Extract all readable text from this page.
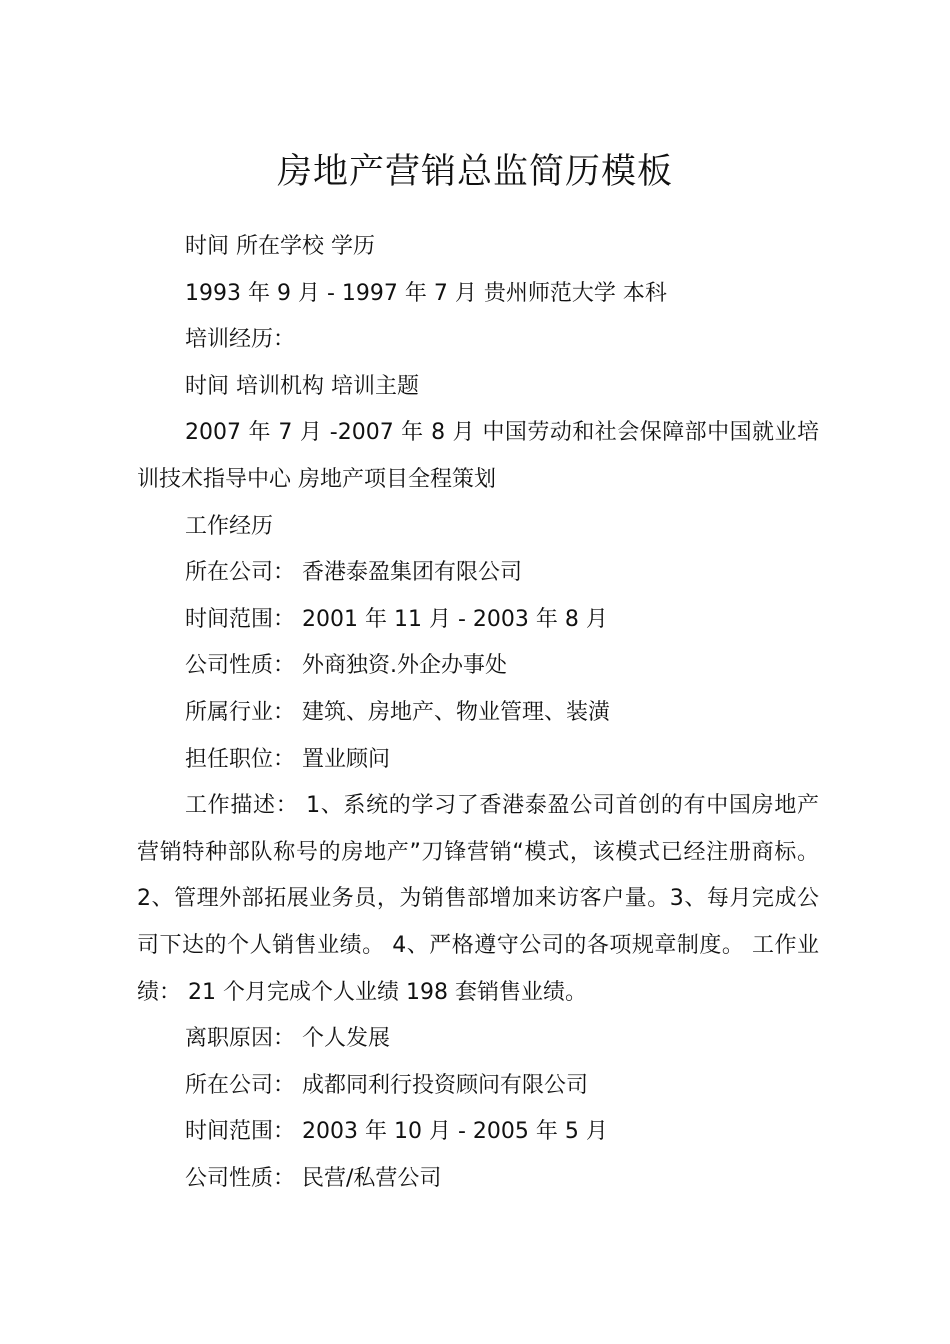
房地产营销总监简历模板

时间 所在学校 学历

1993 年 9 月 - 1997 年 7 月 贵州师范大学 本科

培训经历：

时间 培训机构 培训主题

2007 年 7 月 -2007 年 8 月 中国劳动和社会保障部中国就业培训技术指导中心 房地产项目全程策划

工作经历

所在公司： 香港泰盈集团有限公司

时间范围： 2001 年 11 月 - 2003 年 8 月

公司性质： 外商独资.外企办事处

所属行业： 建筑、房地产、物业管理、装潢

担任职位： 置业顾问

工作描述： 1、系统的学习了香港泰盈公司首创的有中国房地产营销特种部队称号的房地产”刀锋营销“模式，该模式已经注册商标。 2、管理外部拓展业务员，为销售部增加来访客户量。3、每月完成公司下达的个人销售业绩。 4、严格遵守公司的各项规章制度。 工作业绩： 21 个月完成个人业绩 198 套销售业绩。

离职原因： 个人发展

所在公司： 成都同利行投资顾问有限公司

时间范围： 2003 年 10 月 - 2005 年 5 月

公司性质： 民营/私营公司
